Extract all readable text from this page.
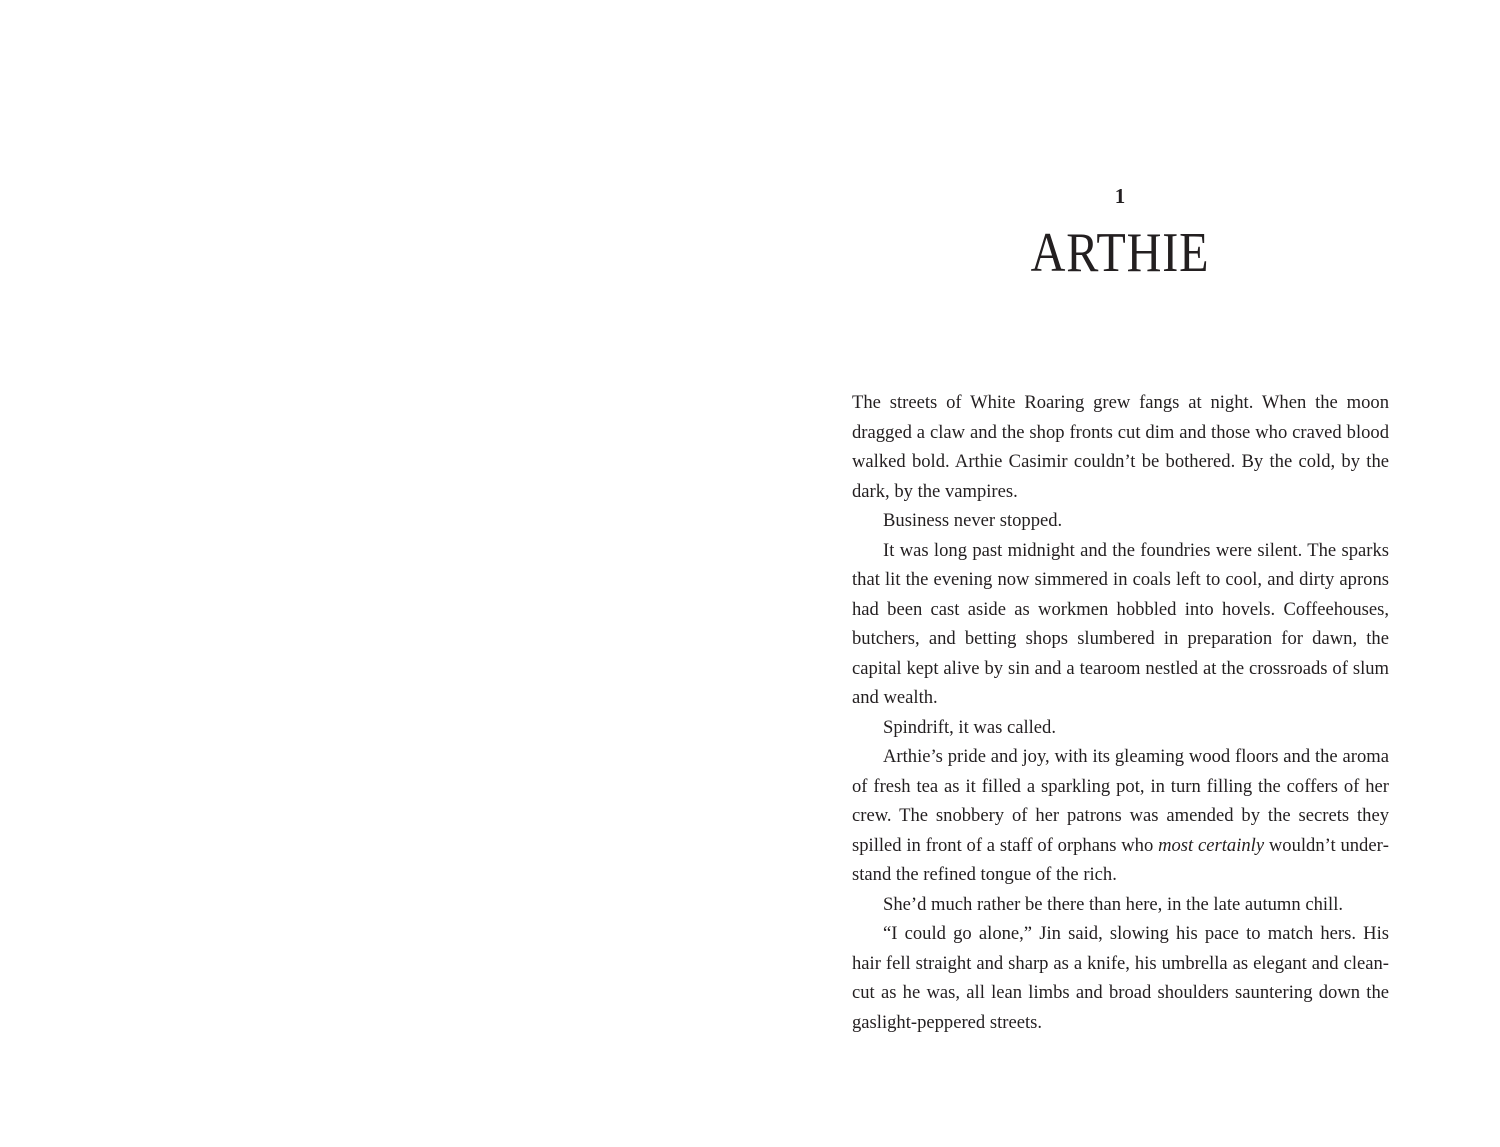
1
ARTHIE

The streets of White Roaring grew fangs at night. When the moon dragged a claw and the shop fronts cut dim and those who craved blood walked bold. Arthie Casimir couldn’t be bothered. By the cold, by the dark, by the vampires.

Business never stopped.

It was long past midnight and the foundries were silent. The sparks that lit the evening now simmered in coals left to cool, and dirty aprons had been cast aside as workmen hobbled into hovels. Coffeehouses, butchers, and betting shops slumbered in preparation for dawn, the capital kept alive by sin and a tearoom nestled at the crossroads of slum and wealth.

Spindrift, it was called.

Arthie’s pride and joy, with its gleaming wood floors and the aroma of fresh tea as it filled a sparkling pot, in turn filling the coffers of her crew. The snobbery of her patrons was amended by the secrets they spilled in front of a staff of orphans who most certainly wouldn’t understand the refined tongue of the rich.

She’d much rather be there than here, in the late autumn chill.

“I could go alone,” Jin said, slowing his pace to match hers. His hair fell straight and sharp as a knife, his umbrella as elegant and clean-cut as he was, all lean limbs and broad shoulders sauntering down the gaslight-peppered streets.
